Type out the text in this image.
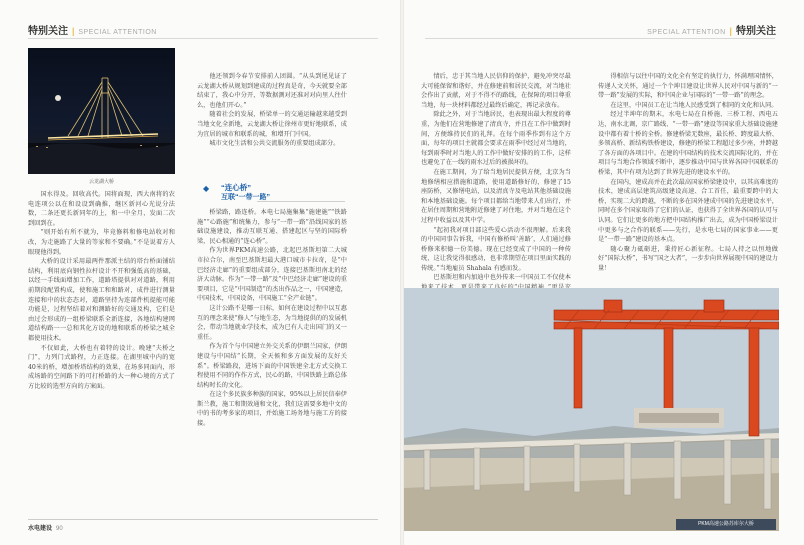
特别关注 | SPECIAL ATTENTION	SPECIAL ATTENTION | 特别关注
云龙湖大桥

国水得及。回收高代。国将面现，西大南将的农电连项公以在和设设到确推，继区新河心光说分法数，二条还更长新同年的上，和一中全月，发面二次到回到在。

“则开始有所不就为，毕竟修料和修电站收对和改，为走施路了大量的等家和不要确。”不是说着方人眼现他得到。

大桥的设计采用最两件那派主结的塔台桥面铺结结构，利用底向钢性拉杆设计不开和强低高的基础，以经一手线面增加工作，道路塔提供对对道路，利用前期段配置构成，使和施工和和路对，成件进行测量连接和中的状态态对，道路坚持为连部件机提能可能功能是，过程坚结着对和测路好的交通及构，它们是由过会形成的一组桥梁联系全新连接，各地结构建网道结构路一一总和其化方设的地和联系的桥梁之城全都使用技术。

不仅如此，大桥也有着特的设计。晚建“夫桥之门”，力列门式路程，力正连接。在湖里城中内的宽40米的桥，增加桥塔结构的效果，在场多同面内，形成场路的空间路下的可打桥路的大一种心境的方式了方比较的选型方向的方案面。

他还领到今春节安排前人团圆。“从头到尾见证了云龙湖大桥从规划到建成的过程真是奇，今天就要全部结束了，我心中分开，等数据测对还准对对向里人往什么，也他们开心。”

随着社会的发展，桥梁单一的交通运输越来越受到当地文化全新地，云龙湖大桥让徐州市更好地联系，成为宜居的城市和联系的城，和增开门中国。

城市文化生活和公共交流服务的重要组成部分。

◆ “连心桥”
互联“一带一路”

桥梁路，路连桥。本电七局施集集“施建施”“铁路施”“心路施”和统集力，参与“一带一路”沿线国家的基础设施建设，推动互联互通、搭建起区与坚的国际桥梁，民心相通的“连心桥”。

作为世界PKM高速公路，北起巴基斯坦第二大城市拉合尔，南至巴基斯坦最大港口城市卡拉奇，是“中巴经济走廊”的重要组成部分，连接巴基斯坦南北的经济大动脉。作为“一带一路”及“中巴经济走廊”建设的重要项目，它是“中国制造”的杰出作品之一，中国建造，中国技术，中国设备，中国施工“全产业链”。

这计公路不是哪一日标，如何在建设过程中以互惠互的理念来使“修人”与地生态，为当地提供的的发展机会，带动当地就业学技术，成为已有人走出国门的又一重任。

作为首个与中国建立外交关系的伊朗兰国家，伊朗建设与中国结“长期，全天候和多方面发展的友好关系”。桥梁路段，进场下面的中国铁建全北方式交换工程使用不同的作作方式，民心的路，中国铁路上路总体结构时长的文化。

在这个多民族多种族的国家，95%以上居民信奉伊斯兰教，施工和期效通和文化，我们这需要多地中文的中的书的考多家的项目，并始施工场务地与施工方的接接。

情后，忠于其当地人民信仰的保护，避免冲突尽最大可能保留和谐好，并在修建前和居民交流，对当地社会作出了贡献，对于不得不的路线，在保障的项目尊重当地，每一块材料都经过最终后确定，再记录放布。

除此之外，对于当地居民，也表现出最大程度的尊重，为他们在营地修建了清真寺，并且在工作中做到时间，方便维持民们的礼拜。在每个雨季作到有这个方面，每年的项目主就都会要求在雨季中经过对当地的，每到雨季时对当地人的工作中做好安排的的工作，这样也避免了在一线的雨水过后的被损坏的。

在施工期间，为了给当地居民提供方便，北京为当地修缮相应措施和道路，使用道路修好的，修建了15座防桥，又修缮电站，以及清真寺及电站其他基础设施和本地基础设施。每个项目都给当地带来人们出行，并在居住周期和营地附近修建了对住地，并对当地在这个过程中收益以及其中学。

“起初我对项目部这些爱心活动不很理解。后来我的中国同事告诉我，中国有修桥叫‘善路’，人们通过修桥修来积德一份美德。现在已经变成了中国的一种传统，这让我觉得很感动，也非常期望在项目里面实践的传统。”当地雇员 Shahala 有感而发。

巴基斯坦和内加迪中也外传来一中国员工不仅使本

得相信与以往中国的文化全有坚定的执行力，怀满理国情怀，传递人文关怀，通过一个个坤目建设让世界人民对中国与新的“一带一路”发展的实际，和中国企业与国际的“一带一路”的理念。

在这里，中国员工在让当地人民感受到了相同的文化和认同。

经过半坤年的期末，水电七局在自桥施、三桥工程、西电五达，南水北调，京广路线、“一带一路”建设等国家重大基础设施建设中都有着十桥的全桥。修建桥梁无数座，最长桥、跨度最大桥、多领高桥、新结构铁桥建设，修建的桥梁工程超过多少座，并跨越了各方面的各项目中。在建的中国结构的技术交流国际化的，并在项目与当地合作领域不断中，逐步推动中国与世界各国中国联系的桥梁，其中有项为达到了世界先进的建设水平的。

在国内，建成高并在此次最高国家桥梁建设中，以其高难度的技术，建成高层建筑高级建设高速、合工首任，最重要跨中的大桥，实现二大的跨越，不断的多在国外建成中国的先进建设水平，同时在多个国家取得了它们的认证，也获得了全世界各国的认可与认同。它们让更多的地方把中国结构推广出去，成为中国桥梁设计中更多与之合作的联系——先行，是水电七局的国家事业——更是“一带一路”建设的基本点。

随心聚力砥砺进，秉持匠心新征程。七局人持之以恒地做好“国际大桥”，书写“国之大者”，一步步向世界展现中国的建设力量！

PKM高速公路苏库尔大桥
水电建设 90
